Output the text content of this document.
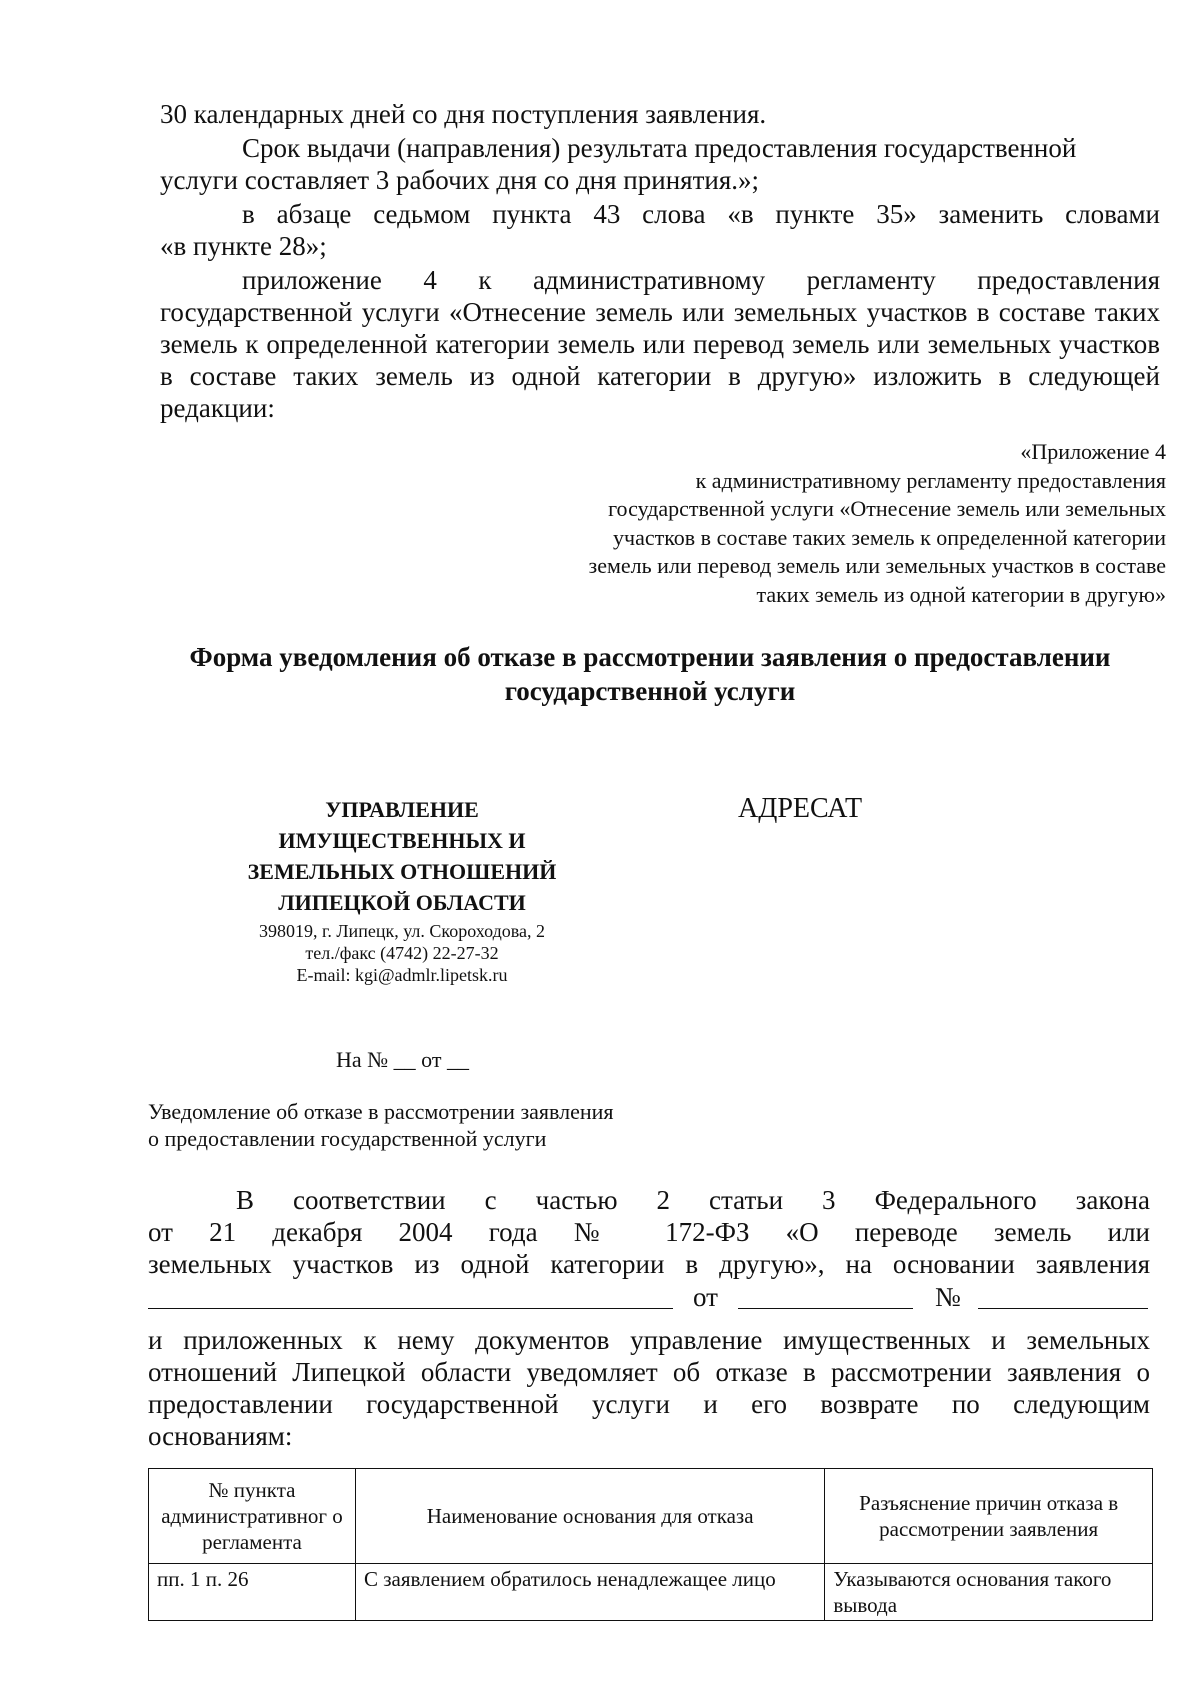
30 календарных дней со дня поступления заявления.

Срок выдачи (направления) результата предоставления государственной

услуги составляет 3 рабочих дня со дня принятия.»;

в абзаце седьмом пункта 43 слова «в пункте 35» заменить словами

«в пункте 28»;

приложение 4 к административному регламенту предоставления

государственной услуги «Отнесение земель или земельных участков в составе таких

земель к определенной категории земель или перевод земель или земельных участков

в составе таких земель из одной категории в другую» изложить в следующей

редакции:

«Приложение 4

к административному регламенту предоставления

государственной услуги «Отнесение земель или земельных

участков в составе таких земель к определенной категории

земель или перевод земель или земельных участков в составе

таких земель из одной категории в другую»

Форма уведомления об отказе в рассмотрении заявления о предоставлении

государственной услуги

УПРАВЛЕНИЕ

ИМУЩЕСТВЕННЫХ И

ЗЕМЕЛЬНЫХ ОТНОШЕНИЙ

ЛИПЕЦКОЙ ОБЛАСТИ

398019, г. Липецк, ул. Скороходова, 2

тел./факс (4742) 22-27-32

E-mail: kgi@admlr.lipetsk.ru

АДРЕСАТ
На № __ от __

Уведомление об отказе в рассмотрении заявления

о предоставлении государственной услуги

В соответствии с частью 2 статьи 3 Федерального закона

от 21 декабря 2004 года № 172-ФЗ «О переводе земель или

земельных участков из одной категории в другую», на основании заявления

от	№

и приложенных к нему документов управление имущественных и земельных

отношений Липецкой области уведомляет об отказе в рассмотрении заявления о

предоставлении государственной услуги и его возврате по следующим

основаниям:

№ пункта административног о регламента	Наименование основания для отказа	Разъяснение причин отказа в рассмотрении заявления
пп. 1 п. 26	С заявлением обратилось ненадлежащее лицо	Указываются основания такого вывода
